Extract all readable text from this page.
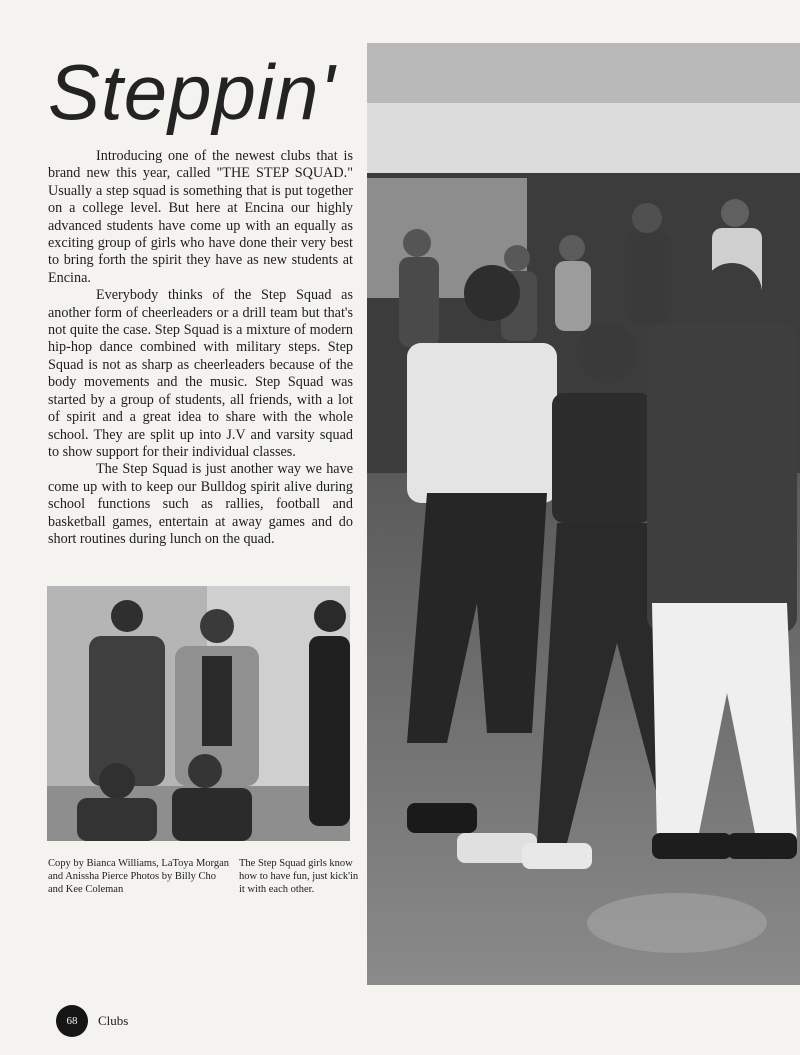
Steppin'

Introducing one of the newest clubs that is brand new this year, called "THE STEP SQUAD." Usually a step squad is something that is put together on a college level. But here at Encina our highly advanced students have come up with an equally as exciting group of girls who have done their very best to bring forth the spirit they have as new students at Encina.

Everybody thinks of the Step Squad as another form of cheerleaders or a drill team but that's not quite the case. Step Squad is a mixture of modern hip-hop dance combined with military steps. Step Squad is not as sharp as cheerleaders because of the body movements and the music. Step Squad was started by a group of students, all friends, with a lot of spirit and a great idea to share with the whole school. They are split up into J.V and varsity squad to show support for their individual classes.

The Step Squad is just another way we have come up with to keep our Bulldog spirit alive during school functions such as rallies, football and basketball games, entertain at away games and do short routines during lunch on the quad.

Copy by Bianca Williams, LaToya Morgan and Anissha Pierce Photos by Billy Cho and Kee Coleman
The Step Squad girls know how to have fun, just kick'in it with each other.
68	Clubs
